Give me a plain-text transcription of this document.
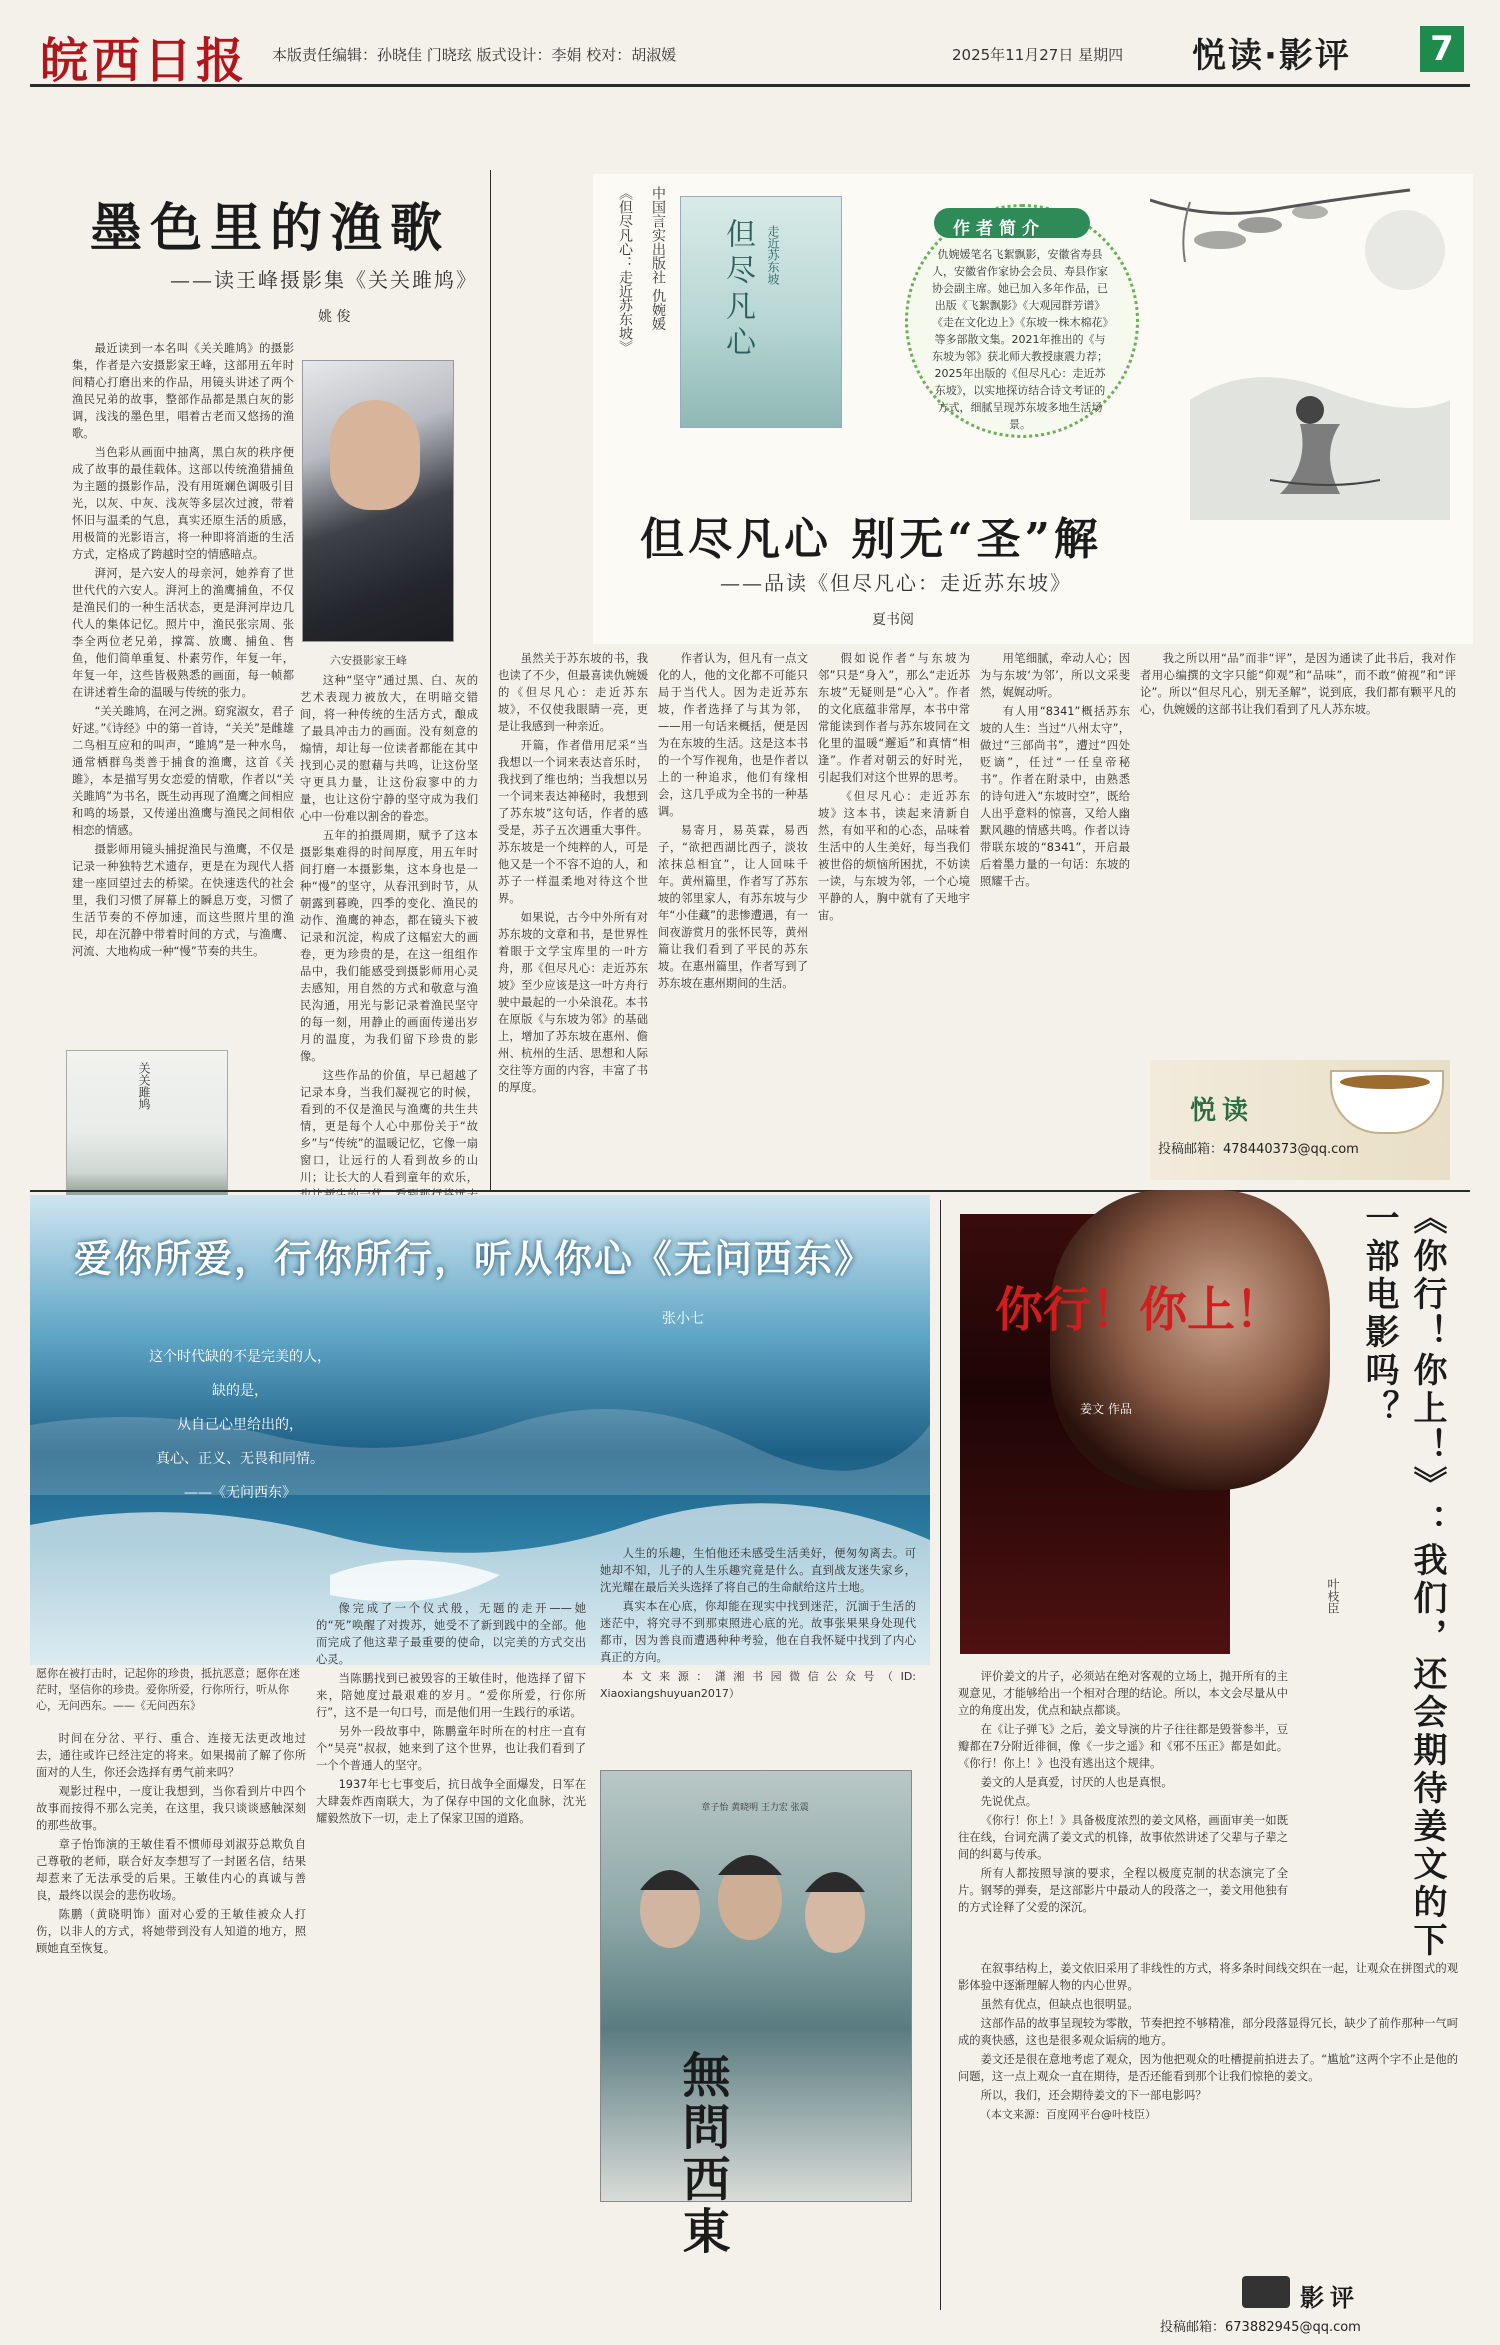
皖西日报 本版责任编辑：孙晓佳 门晓玹 版式设计：李娟 校对：胡淑媛	2025年11月27日 星期四 悦读·影评 7
墨色里的渔歌
——读王峰摄影集《关关雎鸠》
姚 俊

最近读到一本名叫《关关雎鸠》的摄影集，作者是六安摄影家王峰，这部用五年时间精心打磨出来的作品，用镜头讲述了两个渔民兄弟的故事，整部作品都是黑白灰的影调，浅浅的墨色里，唱着古老而又悠扬的渔歌。

当色彩从画面中抽离，黑白灰的秩序便成了故事的最佳载体。这部以传统渔猎捕鱼为主题的摄影作品，没有用斑斓色调吸引目光，以灰、中灰、浅灰等多层次过渡，带着怀旧与温柔的气息，真实还原生活的质感，用极简的光影语言，将一种即将消逝的生活方式，定格成了跨越时空的情感暗点。

湃河，是六安人的母亲河，她养育了世世代代的六安人。湃河上的渔鹰捕鱼，不仅是渔民们的一种生活状态，更是湃河岸边几代人的集体记忆。照片中，渔民张宗周、张李全两位老兄弟，撑篙、放鹰、捕鱼、售鱼，他们简单重复、朴素劳作，年复一年，年复一年，这些皆极熟悉的画面，每一帧都在讲述着生命的温暖与传统的张力。

“关关雎鸠，在河之洲。窈窕淑女，君子好逑。”《诗经》中的第一首诗，“关关”是雌雄二鸟相互应和的叫声，“雎鸠”是一种水鸟，通常栖群鸟类善于捕食的渔鹰，这首《关雎》，本是描写男女恋爱的情歌，作者以“关关雎鸠”为书名，既生动再现了渔鹰之间相应和鸣的场景，又传递出渔鹰与渔民之间相依相恋的情感。

摄影师用镜头捕捉渔民与渔鹰，不仅是记录一种独特艺术遗存，更是在为现代人搭建一座回望过去的桥梁。在快速迭代的社会里，我们习惯了屏幕上的瞬息万变，习惯了生活节奏的不停加速，而这些照片里的渔民，却在沉静中带着时间的方式，与渔鹰、河流、大地构成一种“慢”节奏的共生。

六安摄影家王峰
关关雎鸠

这种“坚守”通过黑、白、灰的艺术表现力被放大，在明暗交错间，将一种传统的生活方式，酿成了最具冲击力的画面。没有刻意的煽情，却让每一位读者都能在其中找到心灵的慰藉与共鸣，让这份坚守更具力量，让这份寂寥中的力量，也让这份宁静的坚守成为我们心中一份难以割舍的眷恋。

五年的拍摄周期，赋予了这本摄影集难得的时间厚度，用五年时间打磨一本摄影集，这本身也是一种“慢”的坚守，从春汛到时节，从朝露到暮晚，四季的变化、渔民的动作、渔鹰的神态，都在镜头下被记录和沉淀，构成了这幅宏大的画卷，更为珍贵的是，在这一组组作品中，我们能感受到摄影师用心灵去感知，用自然的方式和敬意与渔民沟通，用光与影记录着渔民坚守的每一刻，用静止的画面传递出岁月的温度，为我们留下珍贵的影像。

这些作品的价值，早已超越了记录本身，当我们凝视它的时候，看到的不仅是渔民与渔鹰的共生共情，更是每个人心中那份关于“故乡”与“传统”的温暖记忆，它像一扇窗口，让远行的人看到故乡的山川；让长大的人看到童年的欢乐，

《但尽凡心：走近苏东坡》 中国言实出版社 仇婉媛 但尽凡心 走近苏东坡	作者简介
仇婉媛笔名飞絮飘影，安徽省寿县人，安徽省作家协会会员、寿县作家协会副主席。她已加入多年作品，已出版《飞絮飘影》《大观园群芳谱》《走在文化边上》《东坡一株木棉花》等多部散文集。2021年推出的《与东坡为邻》获北师大教授康震力荐；2025年出版的《但尽凡心：走近苏东坡》，以实地探访结合诗文考证的方式，细腻呈现苏东坡多地生活场景。
但尽凡心 别无“圣”解
——品读《但尽凡心：走近苏东坡》
夏书阅

虽然关于苏东坡的书，我也读了不少，但最喜读仇婉媛的《但尽凡心：走近苏东坡》，不仅使我眼睛一亮，更是让我感到一种亲近。

开篇，作者借用尼采“当我想以一个词来表达音乐时，我找到了维也纳；当我想以另一个词来表达神秘时，我想到了苏东坡”这句话，作者的感受是，苏子五次遇重大事件。苏东坡是一个纯粹的人，可是他又是一个不容不迫的人，和苏子一样温柔地对待这个世界。

如果说，古今中外所有对苏东坡的文章和书，是世界性着眼于文学宝库里的一叶方舟，那《但尽凡心：走近苏东坡》至少应该是这一叶方舟行驶中最起的一小朵浪花。本书在原版《与东坡为邻》的基础上，增加了苏东坡在惠州、儋州、杭州的生活、思想和人际交往等方面的内容，丰富了书的厚度。

作者认为，但凡有一点文化的人，他的文化都不可能只局于当代人。因为走近苏东坡，作者选择了与其为邻，——用一句话来概括，便是因为在东坡的生活。这是这本书的一个写作视角，也是作者以上的一种追求，他们有缘相会，这几乎成为全书的一种基调。

易寄月，易英霖，易西子，“欲把西湖比西子，淡妆浓抹总相宜”，让人回味千年。黄州篇里，作者写了苏东坡的邻里家人，有苏东坡与少年“小佳藏”的悲惨遭遇，有一间夜游赏月的张怀民等，黄州篇让我们看到了平民的苏东坡。在惠州篇里，作者写到了苏东坡在惠州期间的生活。

假如说作者“与东坡为邻”只是“身入”，那么“走近苏东坡”无疑则是“心入”。作者的文化底蕴非常厚，本书中常常能读到作者与苏东坡同在文化里的温暖“邂逅”和真情“相逢”。作者对朝云的好时光，引起我们对这个世界的思考。

《但尽凡心：走近苏东坡》这本书，读起来清新自然，有如平和的心态，品味着生活中的人生美好，每当我们被世俗的烦恼所困扰，不妨读一读，与东坡为邻，一个心境平静的人，胸中就有了天地宇宙。

用笔细腻，牵动人心；因为与东坡‘为邻’，所以文采斐然，娓娓动听。

有人用“8341”概括苏东坡的人生：当过“八州太守”，做过“三部尚书”，遭过“四处贬谪”，任过“一任皇帝秘书”。作者在附录中，由熟悉的诗句进入“东坡时空”，既给人出乎意料的惊喜，又给人幽默风趣的情感共鸣。作者以诗带联东坡的“8341”，开启最后着墨力量的一句话：东坡的照耀千古。

我之所以用“品”而非“评”，是因为通读了此书后，我对作者用心编撰的文字只能“仰观”和“品味”，而不敢“俯视”和“评论”。所以“但尽凡心，别无圣解”，说到底，我们都有颗平凡的心，仇婉媛的这部书让我们看到了凡人苏东坡。

悦读
投稿邮箱：478440373@qq.com
爱你所爱，行你所行，听从你心《无问西东》
张小七
这个时代缺的不是完美的人，
缺的是，
从自己心里给出的，
真心、正义、无畏和同情。
——《无问西东》
愿你在被打击时，记起你的珍贵，抵抗恶意；愿你在迷茫时，坚信你的珍贵。爱你所爱，行你所行，听从你心，无问西东。——《无问西东》

时间在分岔、平行、重合、连接无法更改地过去，通往或许已经注定的将来。如果揭前了解了你所面对的人生，你还会选择有勇气前来吗？

观影过程中，一度让我想到，当你看到片中四个故事而按得不那么完美，在这里，我只谈谈感触深刻的那些故事。

章子怡饰演的王敏佳看不惯师母刘淑芬总欺负自己尊敬的老师，联合好友李想写了一封匿名信，结果却惹来了无法承受的后果。王敏佳内心的真诚与善良，最终以误会的悲伤收场。

陈鹏（黄晓明饰）面对心爱的王敏佳被众人打伤，以非人的方式，将她带到没有人知道的地方，照顾她直至恢复。

像完成了一个仪式般，无题的走开——她的“死”唤醒了对拨苏，她受不了新到践中的全部。他而完成了他这辈子最重要的使命，以完美的方式交出心灵。

当陈鹏找到已被毁容的王敏佳时，他选择了留下来，陪她度过最艰难的岁月。“爱你所爱，行你所行”，这不是一句口号，而是他们用一生践行的承诺。

另外一段故事中，陈鹏童年时所在的村庄一直有个“吴亮”叔叔，她来到了这个世界，也让我们看到了一个个普通人的坚守。

1937年七七事变后，抗日战争全面爆发，日军在大肆轰炸西南联大，为了保存中国的文化血脉，沈光耀毅然放下一切，走上了保家卫国的道路。

人生的乐趣，生怕他还未感受生活美好，便匆匆离去。可她却不知，儿子的人生乐趣究竟是什么。直到战友迷失家乡，沈光耀在最后关头选择了将自己的生命献给这片土地。

真实本在心底，你却能在现实中找到迷茫，沉湎于生活的迷茫中，将究寻不到那束照进心底的光。故事张果果身处现代都市，因为善良而遭遇种种考验，他在自我怀疑中找到了内心真正的方向。

本文来源：潇湘书园微信公众号（ID: Xiaoxiangshuyuan2017）

章子怡 黄晓明 王力宏 张震
無問西東
你行！你上！
姜文 作品	《你行！你上！》：我们，还会期待姜文的下一部电影吗？
叶枝臣

评价姜文的片子，必须站在绝对客观的立场上，抛开所有的主观意见，才能够给出一个相对合理的结论。所以，本文会尽量从中立的角度出发，优点和缺点都谈。

在《让子弹飞》之后，姜文导演的片子往往都是毁誉参半，豆瓣都在7分附近徘徊，像《一步之遥》和《邪不压正》都是如此。《你行！你上！》也没有逃出这个规律。

姜文的人是真爱，讨厌的人也是真恨。

先说优点。

《你行！你上！》具备极度浓烈的姜文风格，画面审美一如既往在线，台词充满了姜文式的机锋，故事依然讲述了父辈与子辈之间的纠葛与传承。

所有人都按照导演的要求，全程以极度克制的状态演完了全片。钢琴的弹奏，是这部影片中最动人的段落之一，姜文用他独有的方式诠释了父爱的深沉。

在叙事结构上，姜文依旧采用了非线性的方式，将多条时间线交织在一起，让观众在拼图式的观影体验中逐渐理解人物的内心世界。

虽然有优点，但缺点也很明显。

这部作品的故事呈现较为零散，节奏把控不够精准，部分段落显得冗长，缺少了前作那种一气呵成的爽快感，这也是很多观众诟病的地方。

姜文还是很在意地考虑了观众，因为他把观众的吐槽提前拍进去了。“尴尬”这两个字不止是他的问题，这一点上观众一直在期待，是否还能看到那个让我们惊艳的姜文。

所以，我们，还会期待姜文的下一部电影吗？

（本文来源：百度网平台@叶枝臣）

影评
投稿邮箱：673882945@qq.com
